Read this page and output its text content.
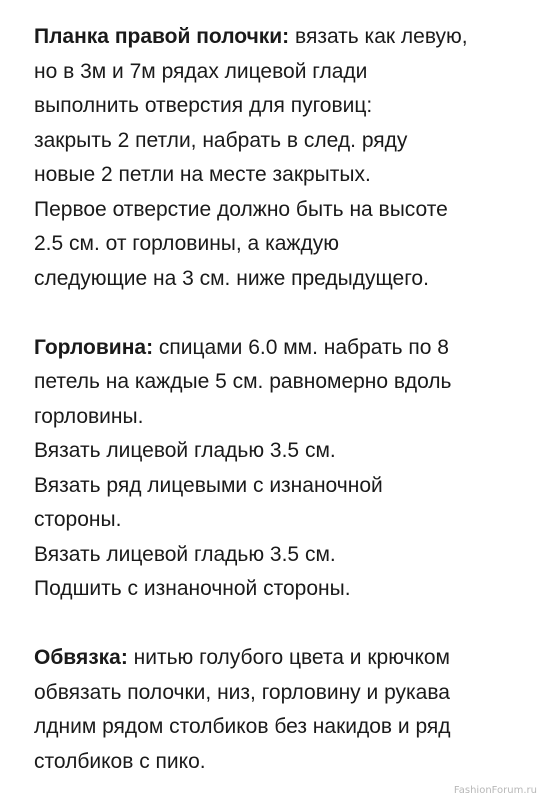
Планка правой полочки: вязать как левую,
но в 3м и 7м рядах лицевой глади
выполнить отверстия для пуговиц:
закрыть 2 петли, набрать в след. ряду
новые 2 петли на месте закрытых.
Первое отверстие должно быть на высоте
2.5 см. от горловины, а каждую
следующие на 3 см. ниже предыдущего.

Горловина: спицами 6.0 мм. набрать по 8
петель на каждые 5 см. равномерно вдоль
горловины.
Вязать лицевой гладью 3.5 см.
Вязать ряд лицевыми с изнаночной
стороны.
Вязать лицевой гладью 3.5 см.
Подшить с изнаночной стороны.

Обвязка: нитью голубого цвета и крючком
обвязать полочки, низ, горловину и рукава
лдним рядом столбиков без накидов и ряд
столбиков с пико.

FashionForum.ru
